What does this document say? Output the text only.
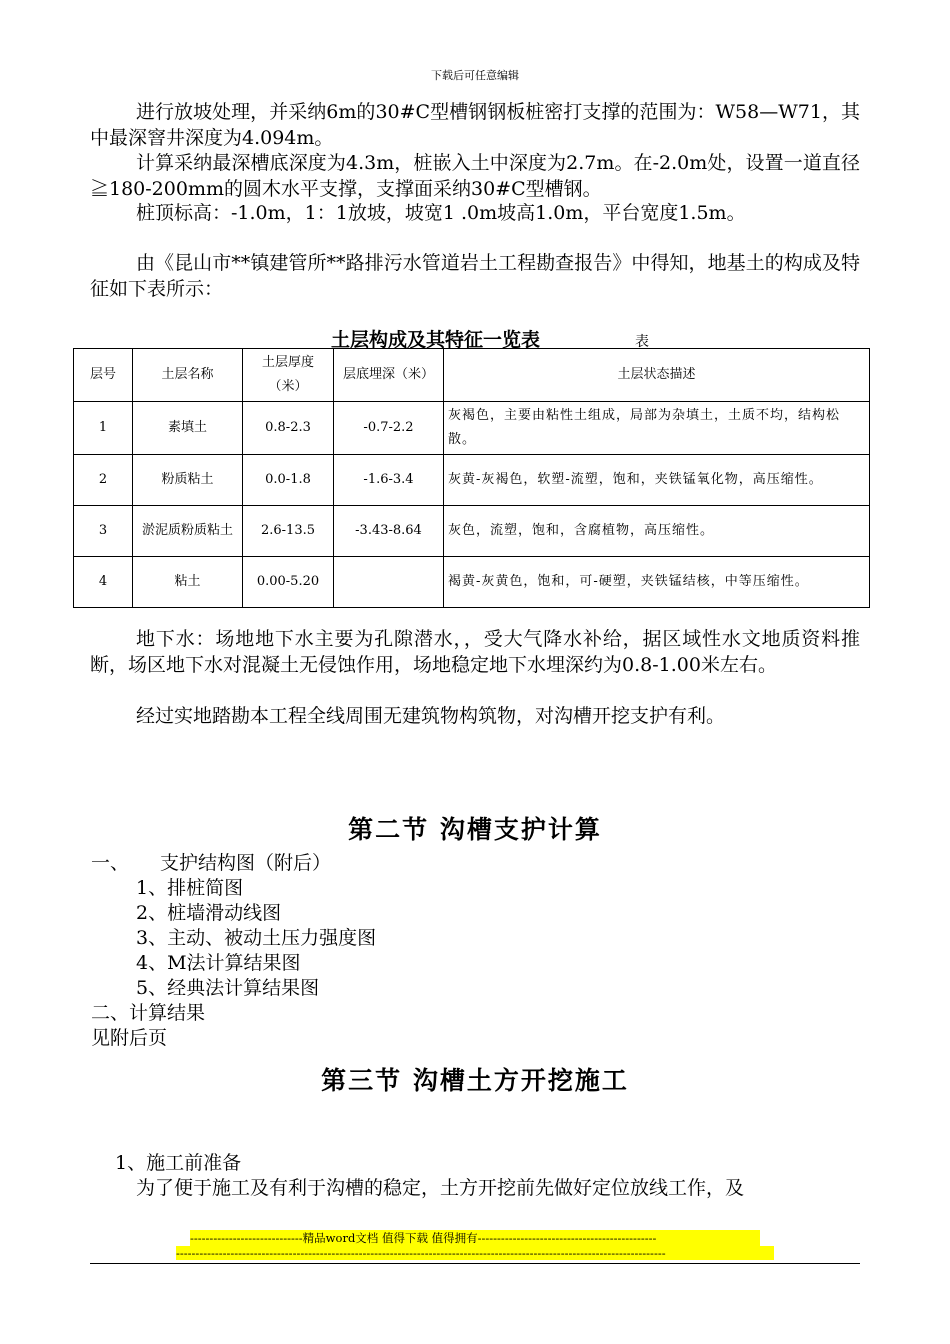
下载后可任意编辑

进行放坡处理，并采纳6m的30#C型槽钢钢板桩密打支撑的范围为：W58—W71，其中最深窨井深度为4.094m。

计算采纳最深槽底深度为4.3m，桩嵌入土中深度为2.7m。在-2.0m处，设置一道直径≧180-200mm的圆木水平支撑，支撑面采纳30#C型槽钢。

桩顶标高：-1.0m，1：1放坡，坡宽1 .0m坡高1.0m，平台宽度1.5m。

由《昆山市**镇建管所**路排污水管道岩土工程勘查报告》中得知，地基土的构成及特征如下表所示：

土层构成及其特征一览表	表
层号	土层名称	土层厚度（米）	层底埋深（米）	土层状态描述
1	素填土	0.8-2.3	-0.7-2.2	灰褐色，主要由粘性土组成，局部为杂填土，土质不均，结构松散。
2	粉质粘土	0.0-1.8	-1.6-3.4	灰黄-灰褐色，软塑-流塑，饱和，夹铁锰氧化物，高压缩性。
3	淤泥质粉质粘土	2.6-13.5	-3.43-8.64	灰色，流塑，饱和，含腐植物，高压缩性。
4	粘土	0.00-5.20		褐黄-灰黄色，饱和，可-硬塑，夹铁锰结核，中等压缩性。

地下水：场地地下水主要为孔隙潜水，，受大气降水补给，据区域性水文地质资料推断，场区地下水对混凝土无侵蚀作用，场地稳定地下水埋深约为0.8-1.00米左右。

经过实地踏勘本工程全线周围无建筑物构筑物，对沟槽开挖支护有利。

第二节 沟槽支护计算
一、 支护结构图（附后）
1、排桩简图
2、桩墙滑动线图
3、主动、被动土压力强度图
4、M法计算结果图
5、经典法计算结果图
二、计算结果
见附后页
第三节 沟槽土方开挖施工
1、施工前准备
为了便于施工及有利于沟槽的稳定，土方开挖前先做好定位放线工作，及
-----------------------------精品word文档 值得下载 值得拥有----------------------------------------------
------------------------------------------------------------------------------------------------------------------------------
